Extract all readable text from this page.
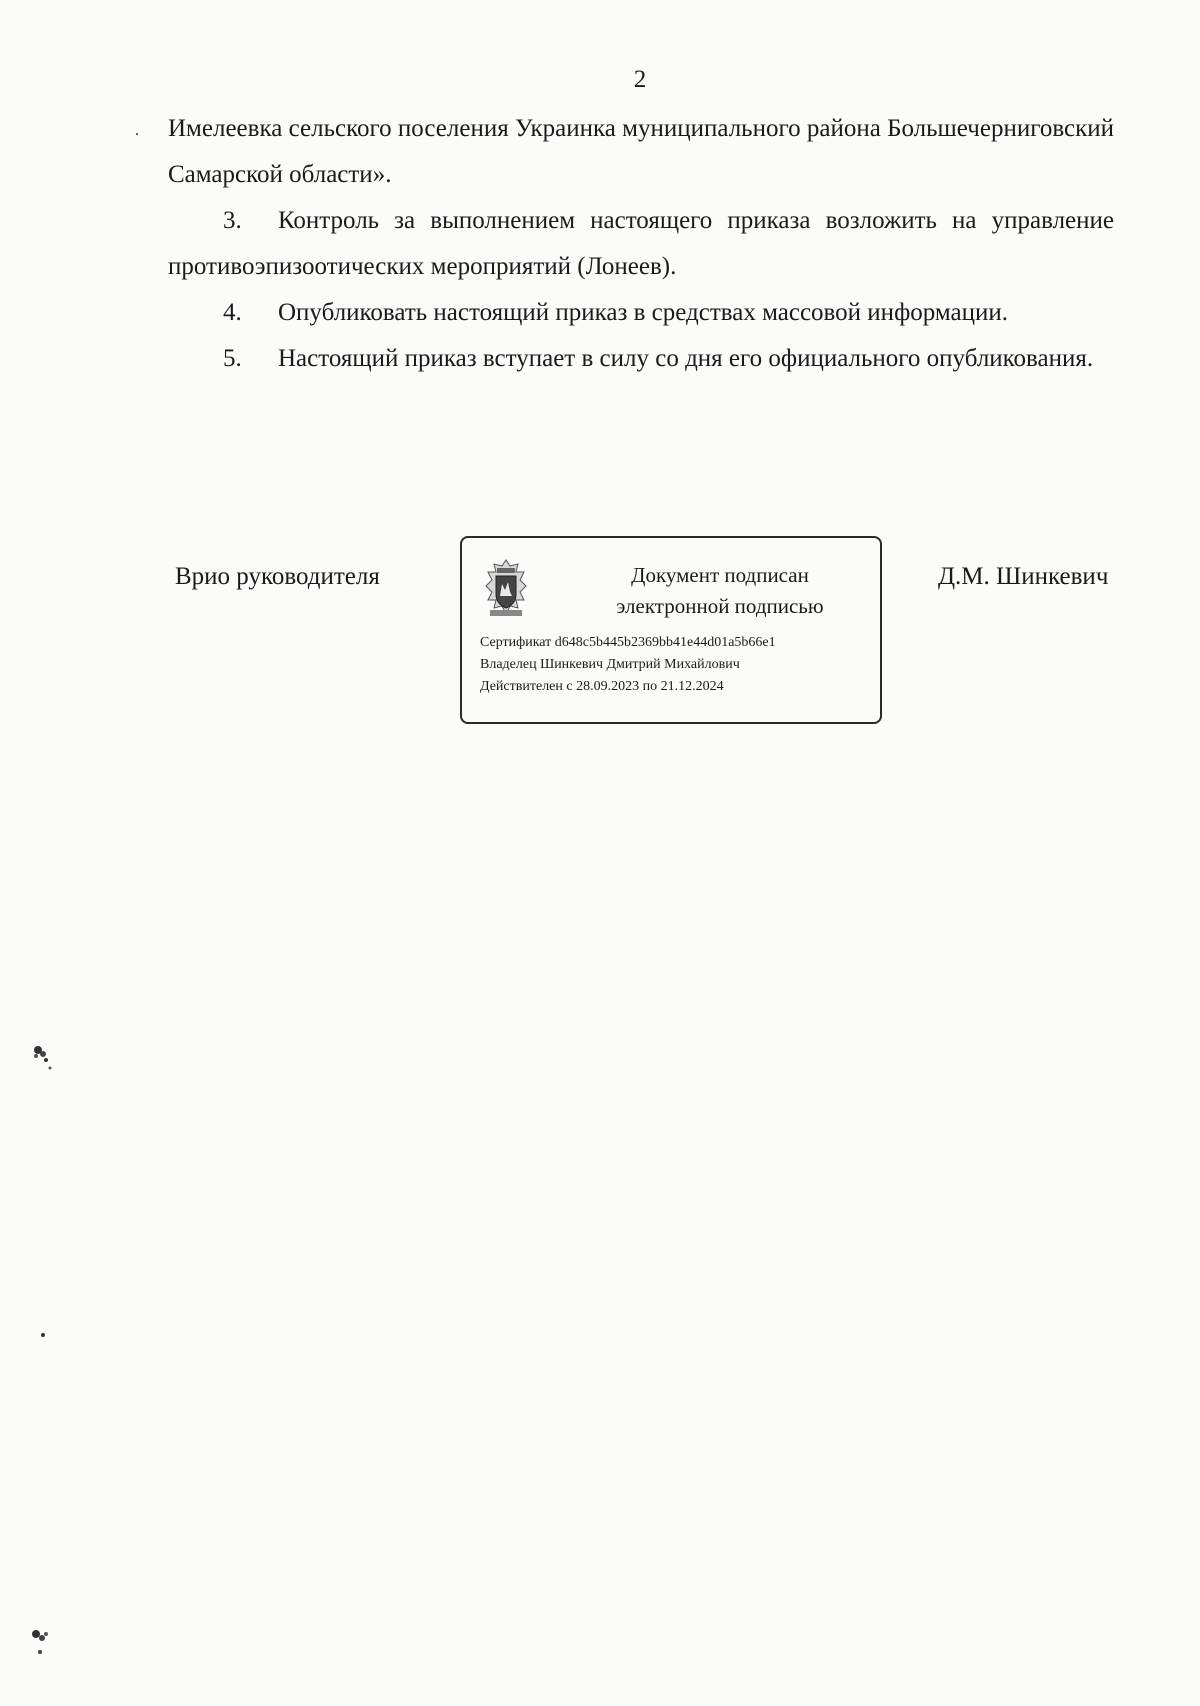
2
. Имелеевка сельского поселения Украинка муниципального района Большечерниговский Самарской области».

3. Контроль за выполнением настоящего приказа возложить на управление противоэпизоотических мероприятий (Лонеев).

4. Опубликовать настоящий приказ в средствах массовой информации.

5. Настоящий приказ вступает в силу со дня его официального опубликования.

Врио руководителя	Документ подписан
электронной подписью
Сертификат d648c5b445b2369bb41e44d01a5b66e1
Владелец Шинкевич Дмитрий Михайлович
Действителен с 28.09.2023 по 21.12.2024
Д.М. Шинкевич
